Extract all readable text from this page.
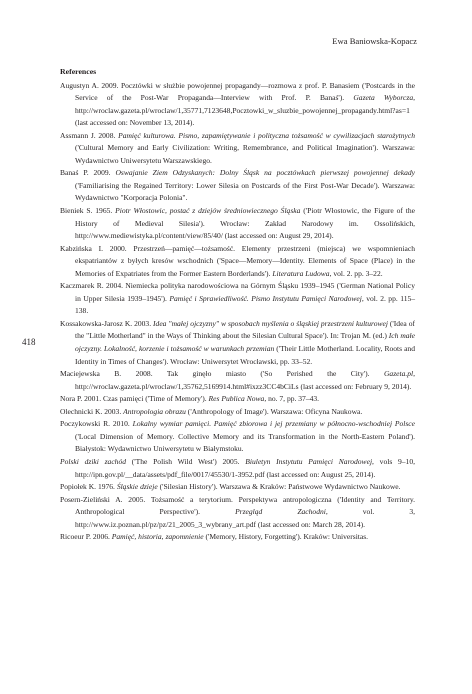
Ewa Baniowska-Kopacz
418
References

Augustyn A. 2009. Pocztówki w służbie powojennej propagandy—rozmowa z prof. P. Banasiem ('Postcards in the Service of the Post-War Propaganda—Interview with Prof. P. Banaś'). Gazeta Wyborcza, http://wroclaw.gazeta.pl/wroclaw/1,35771,7123648,Pocztowki_w_sluzbie_powojennej_propagandy.html?as=1 (last accessed on: November 13, 2014).

Assmann J. 2008. Pamięć kulturowa. Pismo, zapamiętywanie i polityczna tożsamość w cywilizacjach starożytnych ('Cultural Memory and Early Civilization: Writing, Remembrance, and Political Imagination'). Warszawa: Wydawnictwo Uniwersytetu Warszawskiego.

Banaś P. 2009. Oswajanie Ziem Odzyskanych: Dolny Śląsk na pocztówkach pierwszej powojennej dekady ('Familiarising the Regained Territory: Lower Silesia on Postcards of the First Post-War Decade'). Warszawa: Wydawnictwo "Korporacja Polonia".

Bieniek S. 1965. Piotr Włostowic, postać z dziejów średniowiecznego Śląska ('Piotr Włostowic, the Figure of the History of Medieval Silesia'). Wrocław: Zakład Narodowy im. Ossolińskich, http://www.mediewistyka.pl/content/view/85/40/ (last accessed on: August 29, 2014).

Kabzińska I. 2000. Przestrzeń—pamięć—tożsamość. Elementy przestrzeni (miejsca) we wspomnieniach ekspatriantów z byłych kresów wschodnich ('Space—Memory—Identity. Elements of Space (Place) in the Memories of Expatriates from the Former Eastern Borderlands'). Literatura Ludowa, vol. 2. pp. 3–22.

Kaczmarek R. 2004. Niemiecka polityka narodowościowa na Górnym Śląsku 1939–1945 ('German National Policy in Upper Silesia 1939–1945'). Pamięć i Sprawiedliwość. Pismo Instytutu Pamięci Narodowej, vol. 2. pp. 115–138.

Kossakowska-Jarosz K. 2003. Idea "małej ojczyzny" w sposobach myślenia o śląskiej przestrzeni kulturowej ('Idea of the "Little Motherland" in the Ways of Thinking about the Silesian Cultural Space'). In: Trojan M. (ed.) Ich małe ojczyzny. Lokalność, korzenie i tożsamość w warunkach przemian ('Their Little Motherland. Locality, Roots and Identity in Times of Changes'). Wrocław: Uniwersytet Wrocławski, pp. 33–52.

Maciejewska B. 2008. Tak ginęło miasto ('So Perished the City'). Gazeta.pl, http://wroclaw.gazeta.pl/wroclaw/1,35762,5169914.html#ixzz3CC4bCiLs (last accessed on: February 9, 2014).

Nora P. 2001. Czas pamięci ('Time of Memory'). Res Publica Nowa, no. 7, pp. 37–43.

Olechnicki K. 2003. Antropologia obrazu ('Anthropology of Image'). Warszawa: Oficyna Naukowa.

Poczykowski R. 2010. Lokalny wymiar pamięci. Pamięć zbiorowa i jej przemiany w północno-wschodniej Polsce ('Local Dimension of Memory. Collective Memory and its Transformation in the North-Eastern Poland'). Białystok: Wydawnictwo Uniwersytetu w Białymstoku.

Polski dziki zachód ('The Polish Wild West') 2005. Biuletyn Instytutu Pamięci Narodowej, vols 9–10, http://ipn.gov.pl/__data/assets/pdf_file/0017/45530/1-3952.pdf (last accessed on: August 25, 2014).

Popiołek K. 1976. Śląskie dzieje ('Silesian History'). Warszawa & Kraków: Państwowe Wydawnictwo Naukowe.

Posern-Zieliński A. 2005. Tożsamość a terytorium. Perspektywa antropologiczna ('Identity and Territory. Anthropological Perspective'). Przegląd Zachodni, vol. 3, http://www.iz.poznan.pl/pz/pz/21_2005_3_wybrany_art.pdf (last accessed on: March 28, 2014).

Ricoeur P. 2006. Pamięć, historia, zapomnienie ('Memory, History, Forgetting'). Kraków: Universitas.
